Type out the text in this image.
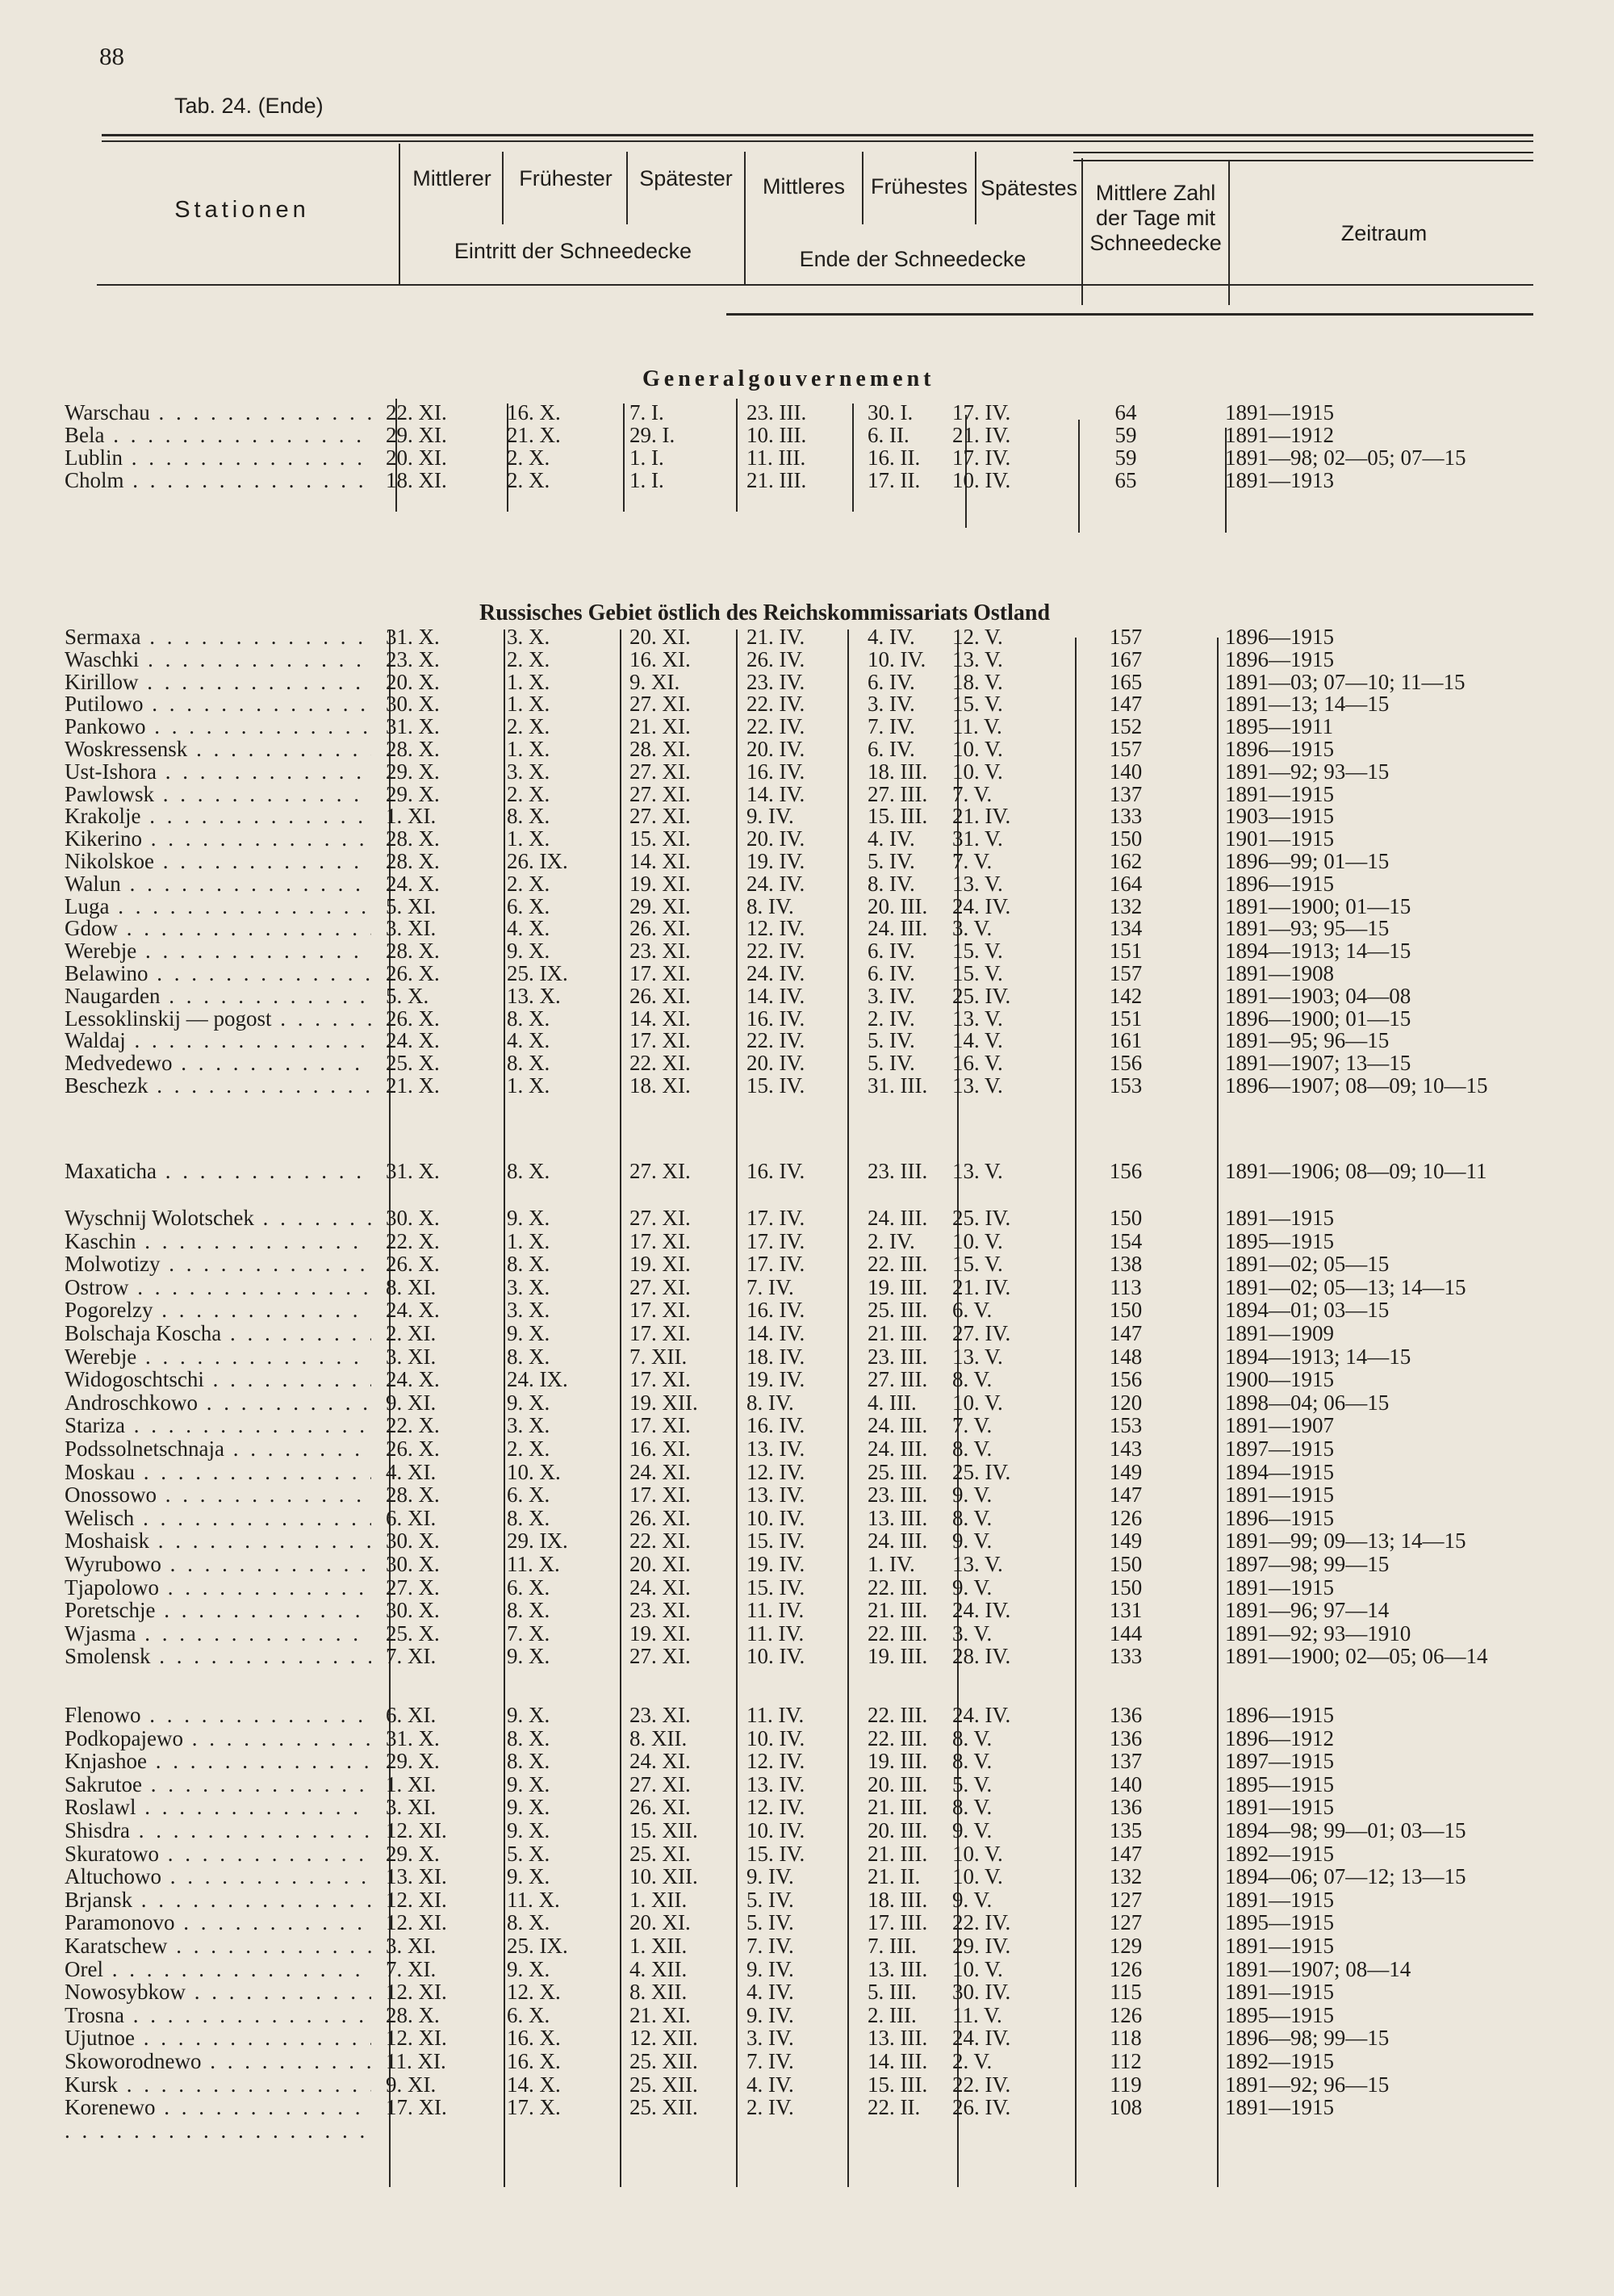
88
Tab. 24. (Ende)
Stationen
Mittlerer	Frühester	Spätester
Eintritt der Schneedecke
Mittleres	Frühestes Spätestes
Ende der Schneedecke
Mittlere Zahl der Tage mit Schneedecke	Zeitraum
Generalgouvernement
Russisches Gebiet östlich des Reichskommissariats Ostland
Warschau . . .	22. XI.	16. X.	7. I.	23. III.	30. I.	17. IV.	64	1891—1915
Bela . . .	29. XI.	21. X.	29. I.	10. III.	6. II.	21. IV.	59	1891—1912
Lublin . . .	20. XI.	2. X.	1. I.	11. III.	16. II.	17. IV.	59	1891—98; 02—05; 07—15
Cholm . . .	18. XI.	2. X.	1. I.	21. III.	17. II.	10. IV.	65	1891—1913
Sermaxa . . .	31. X.	3. X.	20. XI.	21. IV.	4. IV.	12. V.	157	1896—1915
Waschki . . .	23. X.	2. X.	16. XI.	26. IV.	10. IV.	13. V.	167	1896—1915
Kirillow . . .	20. X.	1. X.	9. XI.	23. IV.	6. IV.	18. V.	165	1891—03; 07—10; 11—15
Putilowo . . .	30. X.	1. X.	27. XI.	22. IV.	3. IV.	15. V.	147	1891—13; 14—15
Pankowo . . .	31. X.	2. X.	21. XI.	22. IV.	7. IV.	11. V.	152	1895—1911
Woskressensk . . .	28. X.	1. X.	28. XI.	20. IV.	6. IV.	10. V.	157	1896—1915
Ust-Ishora . . .	29. X.	3. X.	27. XI.	16. IV.	18. III.	10. V.	140	1891—92; 93—15
Pawlowsk . . .	29. X.	2. X.	27. XI.	14. IV.	27. III.	7. V.	137	1891—1915
Krakolje . . .	1. XI.	8. X.	27. XI.	9. IV.	15. III.	21. IV.	133	1903—1915
Kikerino . . .	28. X.	1. X.	15. XI.	20. IV.	4. IV.	31. V.	150	1901—1915
Nikolskoe . . .	28. X.	26. IX.	14. XI.	19. IV.	5. IV.	7. V.	162	1896—99; 01—15
Walun . . .	24. X.	2. X.	19. XI.	24. IV.	8. IV.	13. V.	164	1896—1915
Luga . . .	5. XI.	6. X.	29. XI.	8. IV.	20. III.	24. IV.	132	1891—1900; 01—15
Gdow . . .	3. XI.	4. X.	26. XI.	12. IV.	24. III.	3. V.	134	1891—93; 95—15
Werebje . . .	28. X.	9. X.	23. XI.	22. IV.	6. IV.	15. V.	151	1894—1913; 14—15
Belawino . . .	26. X.	25. IX.	17. XI.	24. IV.	6. IV.	15. V.	157	1891—1908
Naugarden . . .	5. X.	13. X.	26. XI.	14. IV.	3. IV.	25. IV.	142	1891—1903; 04—08
Lessoklinskij — pogost . . .	26. X.	8. X.	14. XI.	16. IV.	2. IV.	13. V.	151	1896—1900; 01—15
Waldaj . . .	24. X.	4. X.	17. XI.	22. IV.	5. IV.	14. V.	161	1891—95; 96—15
Medvedewo . . .	25. X.	8. X.	22. XI.	20. IV.	5. IV.	16. V.	156	1891—1907; 13—15
Beschezk . . .	21. X.	1. X.	18. XI.	15. IV.	31. III.	13. V.	153	1896—1907; 08—09; 10—15
Maxaticha . . .	31. X.	8. X.	27. XI.	16. IV.	23. III.	13. V.	156	1891—1906; 08—09; 10—11
Wyschnij Wolotschek . . .	30. X.	9. X.	27. XI.	17. IV.	24. III.	25. IV.	150	1891—1915
Kaschin . . .	22. X.	1. X.	17. XI.	17. IV.	2. IV.	10. V.	154	1895—1915
Molwotizy . . .	26. X.	8. X.	19. XI.	17. IV.	22. III.	15. V.	138	1891—02; 05—15
Ostrow . . .	8. XI.	3. X.	27. XI.	7. IV.	19. III.	21. IV.	113	1891—02; 05—13; 14—15
Pogorelzy . . .	24. X.	3. X.	17. XI.	16. IV.	25. III.	6. V.	150	1894—01; 03—15
Bolschaja Koscha . . .	2. XI.	9. X.	17. XI.	14. IV.	21. III.	27. IV.	147	1891—1909
Werebje . . .	3. XI.	8. X.	7. XII.	18. IV.	23. III.	13. V.	148	1894—1913; 14—15
Widogoschtschi . . .	24. X.	24. IX.	17. XI.	19. IV.	27. III.	8. V.	156	1900—1915
Androschkowo . . .	9. XI.	9. X.	19. XII.	8. IV.	4. III.	10. V.	120	1898—04; 06—15
Stariza . . .	22. X.	3. X.	17. XI.	16. IV.	24. III.	7. V.	153	1891—1907
Podssolnetschnaja . . .	26. X.	2. X.	16. XI.	13. IV.	24. III.	8. V.	143	1897—1915
Moskau . . .	4. XI.	10. X.	24. XI.	12. IV.	25. III.	25. IV.	149	1894—1915
Onossowo . . .	28. X.	6. X.	17. XI.	13. IV.	23. III.	9. V.	147	1891—1915
Welisch . . .	6. XI.	8. X.	26. XI.	10. IV.	13. III.	8. V.	126	1896—1915
Moshaisk . . .	30. X.	29. IX.	22. XI.	15. IV.	24. III.	9. V.	149	1891—99; 09—13; 14—15
Wyrubowo . . .	30. X.	11. X.	20. XI.	19. IV.	1. IV.	13. V.	150	1897—98; 99—15
Tjapolowo . . .	27. X.	6. X.	24. XI.	15. IV.	22. III.	9. V.	150	1891—1915
Poretschje . . .	30. X.	8. X.	23. XI.	11. IV.	21. III.	24. IV.	131	1891—96; 97—14
Wjasma . . .	25. X.	7. X.	19. XI.	11. IV.	22. III.	3. V.	144	1891—92; 93—1910
Smolensk . . .	7. XI.	9. X.	27. XI.	10. IV.	19. III.	28. IV.	133	1891—1900; 02—05; 06—14
Flenowo . . .	6. XI.	9. X.	23. XI.	11. IV.	22. III.	24. IV.	136	1896—1915
Podkopajewo . . .	31. X.	8. X.	8. XII.	10. IV.	22. III.	8. V.	136	1896—1912
Knjashoe . . .	29. X.	8. X.	24. XI.	12. IV.	19. III.	8. V.	137	1897—1915
Sakrutoe . . .	1. XI.	9. X.	27. XI.	13. IV.	20. III.	5. V.	140	1895—1915
Roslawl . . .	3. XI.	9. X.	26. XI.	12. IV.	21. III.	8. V.	136	1891—1915
Shisdra . . .	12. XI.	9. X.	15. XII.	10. IV.	20. III.	9. V.	135	1894—98; 99—01; 03—15
Skuratowo . . .	29. X.	5. X.	25. XI.	15. IV.	21. III.	10. V.	147	1892—1915
Altuchowo . . .	13. XI.	9. X.	10. XII.	9. IV.	21. II.	10. V.	132	1894—06; 07—12; 13—15
Brjansk . . .	12. XI.	11. X.	1. XII.	5. IV.	18. III.	9. V.	127	1891—1915
Paramonovo . . .	12. XI.	8. X.	20. XI.	5. IV.	17. III.	22. IV.	127	1895—1915
Karatschew . . .	3. XI.	25. IX.	1. XII.	7. IV.	7. III.	29. IV.	129	1891—1915
Orel . . .	7. XI.	9. X.	4. XII.	9. IV.	13. III.	10. V.	126	1891—1907; 08—14
Nowosybkow . . .	12. XI.	12. X.	8. XII.	4. IV.	5. III.	30. IV.	115	1891—1915
Trosna . . .	28. X.	6. X.	21. XI.	9. IV.	2. III.	11. V.	126	1895—1915
Ujutnoe . . .	12. XI.	16. X.	12. XII.	3. IV.	13. III.	24. IV.	118	1896—98; 99—15
Skoworodnewo . . .	11. XI.	16. X.	25. XII.	7. IV.	14. III.	2. V.	112	1892—1915
Kursk . . .	9. XI.	14. X.	25. XII.	4. IV.	15. III.	22. IV.	119	1891—92; 96—15
Korenewo . . .	17. XI.	17. X.	25. XII.	2. IV.	22. II.	26. IV.	108	1891—1915
. . .
